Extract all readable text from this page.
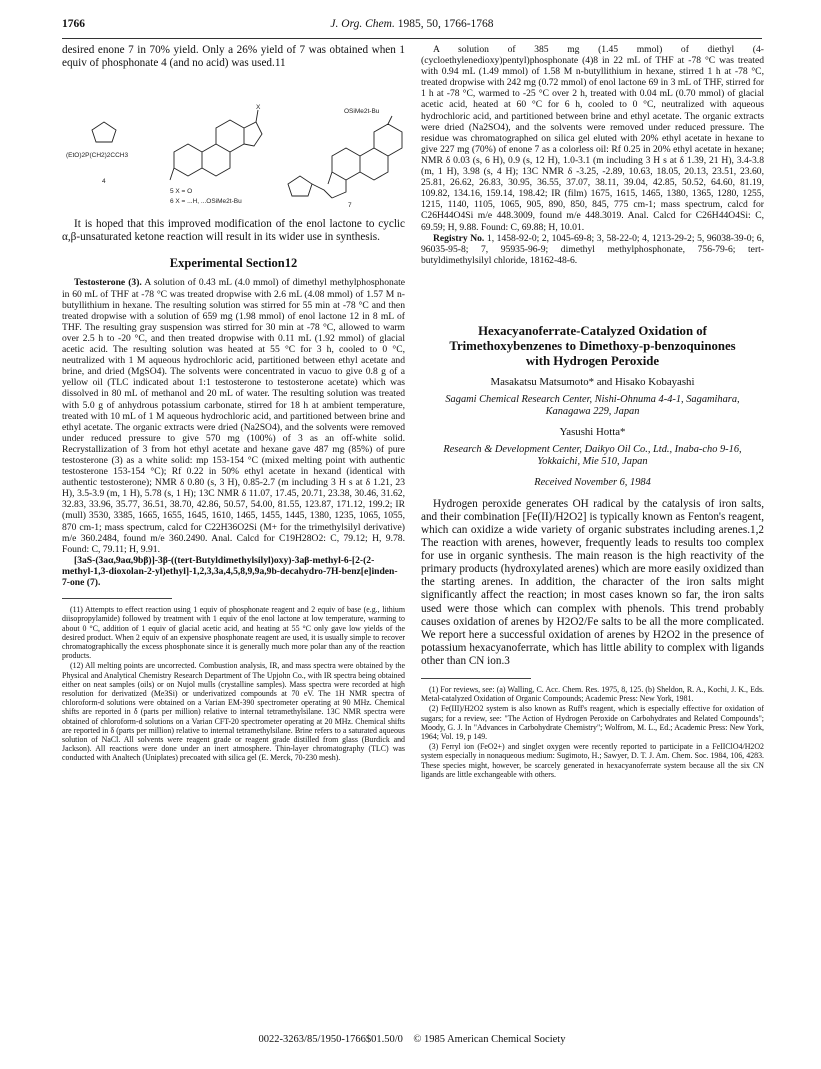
1766	J. Org. Chem. 1985, 50, 1766-1768

desired enone 7 in 70% yield. Only a 26% yield of 7 was obtained when 1 equiv of phosphonate 4 (and no acid) was used.11

(EtO)2P(CH2)2CCH3
4
X
5 X = O
6 X = ...H, ...OSiMe2t-Bu
OSiMe2t-Bu
7

It is hoped that this improved modification of the enol lactone to cyclic α,β-unsaturated ketone reaction will result in its wider use in synthesis.

Experimental Section12

Testosterone (3). A solution of 0.43 mL (4.0 mmol) of dimethyl methylphosphonate in 60 mL of THF at -78 °C was treated dropwise with 2.6 mL (4.08 mmol) of 1.57 M n-butyllithium in hexane. The resulting solution was stirred for 55 min at -78 °C and then treated dropwise with a solution of 659 mg (1.98 mmol) of enol lactone 12 in 8 mL of THF. The resulting gray suspension was stirred for 30 min at -78 °C, allowed to warm over 2.5 h to -20 °C, and then treated dropwise with 0.11 mL (1.92 mmol) of glacial acetic acid. The resulting solution was heated at 55 °C for 3 h, cooled to 0 °C, neutralized with 1 M aqueous hydrochloric acid, partitioned between ethyl acetate and brine, and dried (MgSO4). The solvents were concentrated in vacuo to give 0.8 g of a yellow oil (TLC indicated about 1:1 testosterone to testosterone acetate) which was dissolved in 80 mL of methanol and 20 mL of water. The resulting solution was treated with 5.0 g of anhydrous potassium carbonate, stirred for 18 h at ambient temperature, treated with 10 mL of 1 M aqueous hydrochloric acid, and partitioned between brine and ethyl acetate. The organic extracts were dried (Na2SO4), and the solvents were removed under reduced pressure to give 570 mg (100%) of 3 as an off-white solid. Recrystallization of 3 from hot ethyl acetate and hexane gave 487 mg (85%) of pure testosterone (3) as a white solid: mp 153-154 °C (mixed melting point with authentic testosterone 153-154 °C); Rf 0.22 in 50% ethyl acetate in hexand (identical with authentic testosterone); NMR δ 0.80 (s, 3 H), 0.85-2.7 (m including 3 H s at δ 1.21, 23 H), 3.5-3.9 (m, 1 H), 5.78 (s, 1 H); 13C NMR δ 11.07, 17.45, 20.71, 23.38, 30.46, 31.62, 32.83, 33.96, 35.77, 36.51, 38.70, 42.86, 50.57, 54.00, 81.55, 123.87, 171.12, 199.2; IR (mull) 3530, 3385, 1665, 1655, 1645, 1610, 1465, 1455, 1445, 1380, 1235, 1065, 1055, 870 cm-1; mass spectrum, calcd for C22H36O2Si (M+ for the trimethylsilyl derivative) m/e 360.2484, found m/e 360.2490. Anal. Calcd for C19H28O2: C, 79.12; H, 9.78. Found: C, 79.11; H, 9.91.

[3aS-(3aα,9aα,9bβ)]-3β-((tert-Butyldimethylsilyl)oxy)-3aβ-methyl-6-[2-(2-methyl-1,3-dioxolan-2-yl)ethyl]-1,2,3,3a,4,5,8,9,9a,9b-decahydro-7H-benz[e]inden-7-one (7).

(11) Attempts to effect reaction using 1 equiv of phosphonate reagent and 2 equiv of base (e.g., lithium diisopropylamide) followed by treatment with 1 equiv of the enol lactone at low temperature, warming to about 0 °C, addition of 1 equiv of glacial acetic acid, and heating at 55 °C only gave low yields of the desired product. When 2 equiv of an expensive phosphonate reagent are used, it is usually simple to recover chromatographically the excess phosphonate since it is generally much more polar than any of the reaction products.

(12) All melting points are uncorrected. Combustion analysis, IR, and mass spectra were obtained by the Physical and Analytical Chemistry Research Department of The Upjohn Co., with IR spectra being obtained either on neat samples (oils) or on Nujol mulls (crystalline samples). Mass spectra were recorded at high resolution for derivatized (Me3Si) or underivatized compounds at 70 eV. The 1H NMR spectra of chloroform-d solutions were obtained on a Varian EM-390 spectrometer operating at 90 MHz. Chemical shifts are reported in δ (parts per million) relative to internal tetramethylsilane. 13C NMR spectra were obtained of chloroform-d solutions on a Varian CFT-20 spectrometer operating at 20 MHz. Chemical shifts are reported in δ (parts per million) relative to internal tetramethylsilane. Brine refers to a saturated aqueous solution of NaCl. All solvents were reagent grade or reagent grade distilled from glass (Burdick and Jackson). All reactions were done under an inert atmosphere. Thin-layer chromatography (TLC) was conducted with Analtech (Uniplates) precoated with silica gel (E. Merck, 70-230 mesh).

A solution of 385 mg (1.45 mmol) of diethyl (4-(cycloethylenedioxy)pentyl)phosphonate (4)8 in 22 mL of THF at -78 °C was treated with 0.94 mL (1.49 mmol) of 1.58 M n-butyllithium in hexane, stirred 1 h at -78 °C, treated dropwise with 242 mg (0.72 mmol) of enol lactone 69 in 3 mL of THF, stirred for 1 h at -78 °C, warmed to -25 °C over 2 h, treated with 0.04 mL (0.70 mmol) of glacial acetic acid, heated at 60 °C for 6 h, cooled to 0 °C, neutralized with aqueous hydrochloric acid, and partitioned between brine and ethyl acetate. The organic extracts were dried (Na2SO4), and the solvents were removed under reduced pressure. The residue was chromatographed on silica gel eluted with 20% ethyl acetate in hexane to give 227 mg (70%) of enone 7 as a colorless oil: Rf 0.25 in 20% ethyl acetate in hexane; NMR δ 0.03 (s, 6 H), 0.9 (s, 12 H), 1.0-3.1 (m including 3 H s at δ 1.39, 21 H), 3.4-3.8 (m, 1 H), 3.98 (s, 4 H); 13C NMR δ -3.25, -2.89, 10.63, 18.05, 20.13, 23.51, 23.60, 25.81, 26.62, 26.83, 30.95, 36.55, 37.07, 38.11, 39.04, 42.85, 50.52, 64.60, 81.19, 109.82, 134.16, 159.14, 198.42; IR (film) 1675, 1615, 1465, 1380, 1365, 1280, 1255, 1215, 1140, 1105, 1065, 905, 890, 850, 845, 775 cm-1; mass spectrum, calcd for C26H44O4Si m/e 448.3009, found m/e 448.3019. Anal. Calcd for C26H44O4Si: C, 69.59; H, 9.88. Found: C, 69.88; H, 10.01.

Registry No. 1, 1458-92-0; 2, 1045-69-8; 3, 58-22-0; 4, 1213-29-2; 5, 96038-39-0; 6, 96035-95-8; 7, 95935-96-9; dimethyl methylphosphonate, 756-79-6; tert-butyldimethylsilyl chloride, 18162-48-6.

Hexacyanoferrate-Catalyzed Oxidation of Trimethoxybenzenes to Dimethoxy-p-benzoquinones with Hydrogen Peroxide
Masakatsu Matsumoto* and Hisako Kobayashi
Sagami Chemical Research Center, Nishi-Ohnuma 4-4-1, Sagamihara, Kanagawa 229, Japan
Yasushi Hotta*
Research & Development Center, Daikyo Oil Co., Ltd., Inaba-cho 9-16, Yokkaichi, Mie 510, Japan
Received November 6, 1984

Hydrogen peroxide generates OH radical by the catalysis of iron salts, and their combination [Fe(II)/H2O2] is typically known as Fenton's reagent, which can oxidize a wide variety of organic substrates including arenes.1,2 The reaction with arenes, however, frequently leads to results too complex for use in organic synthesis. The main reason is the high reactivity of the primary products (hydroxylated arenes) which are more easily oxidized than the starting arenes. In addition, the character of the iron salts might significantly affect the reaction; in most cases known so far, the iron salts used were those which can complex with phenols. This trend probably causes oxidation of arenes by H2O2/Fe salts to be all the more complicated. We report here a successful oxidation of arenes by H2O2 in the presence of potassium hexacyanoferrate, which has little ability to complex with ligands other than CN ion.3

(1) For reviews, see: (a) Walling, C. Acc. Chem. Res. 1975, 8, 125. (b) Sheldon, R. A., Kochi, J. K., Eds. Metal-catalyzed Oxidation of Organic Compounds; Academic Press: New York, 1981.

(2) Fe(III)/H2O2 system is also known as Ruff's reagent, which is especially effective for oxidation of sugars; for a review, see: "The Action of Hydrogen Peroxide on Carbohydrates and Related Compounds"; Moody, G. J. In "Advances in Carbohydrate Chemistry"; Wolfrom, M. L., Ed.; Academic Press: New York, 1964; Vol. 19, p 149.

(3) Ferryl ion (FeO2+) and singlet oxygen were recently reported to participate in a FeIIClO4/H2O2 system especially in nonaqueous medium: Sugimoto, H.; Sawyer, D. T. J. Am. Chem. Soc. 1984, 106, 4283. These species might, however, be scarcely generated in hexacyanoferrate system because all the six CN ligands are little exchangeable with others.

0022-3263/85/1950-1766$01.50/0 © 1985 American Chemical Society
